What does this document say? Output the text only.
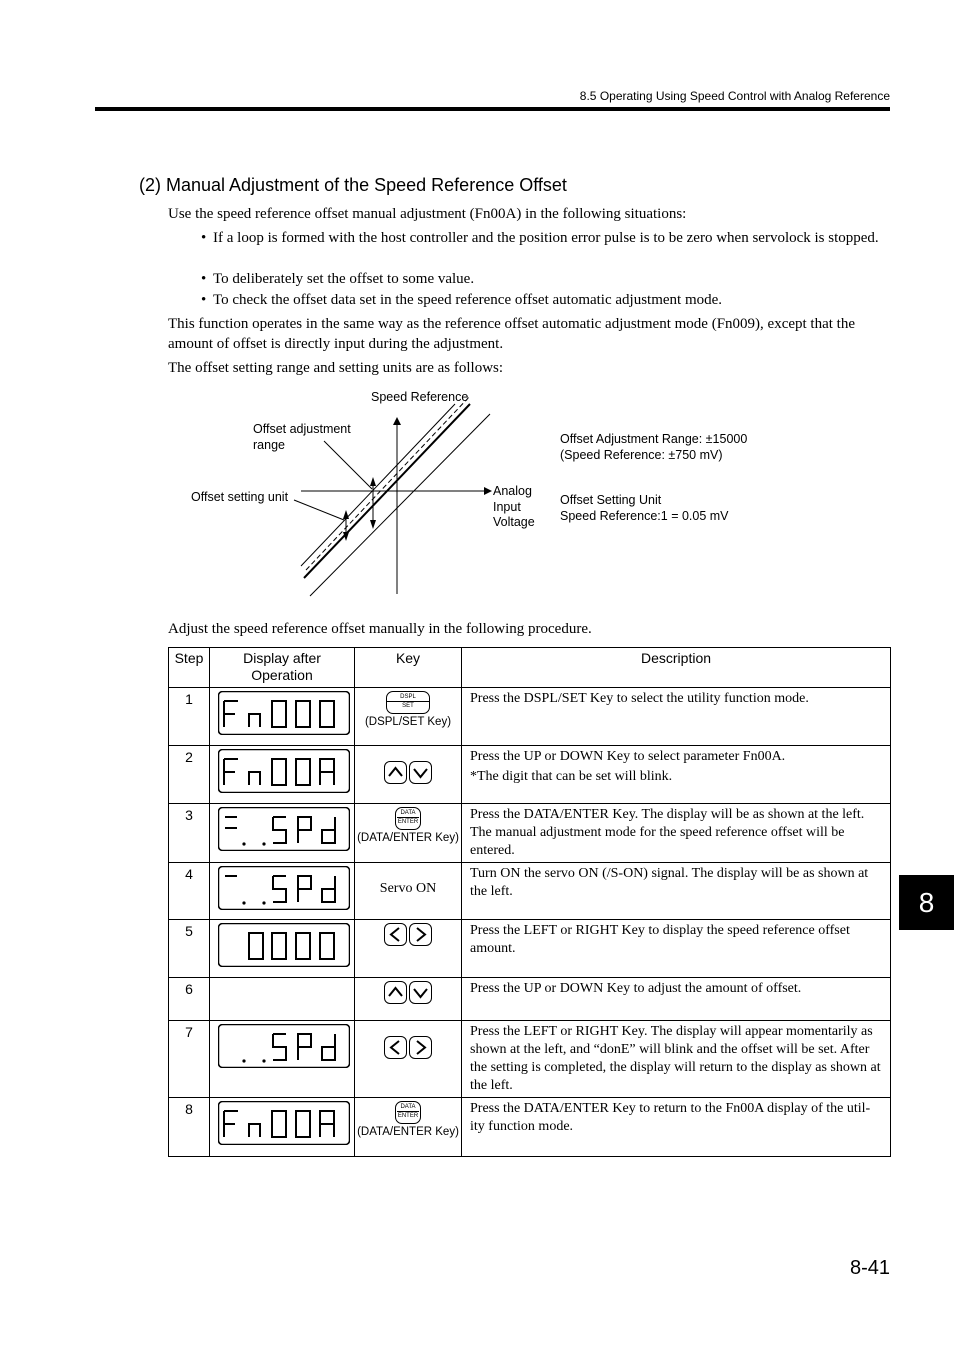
8.5 Operating Using Speed Control with Analog Reference
(2) Manual Adjustment of the Speed Reference Offset
Use the speed reference offset manual adjustment (Fn00A) in the following situations:
• If a loop is formed with the host controller and the position error pulse is to be zero when servolock is stopped.
• To deliberately set the offset to some value.
• To check the offset data set in the speed reference offset automatic adjustment mode.
This function operates in the same way as the reference offset automatic adjustment mode (Fn009), except that the amount of offset is directly input during the adjustment.
The offset setting range and setting units are as follows:
Speed Reference
Offset adjustment
range
Offset setting unit	Analog
Input
Voltage
Offset Adjustment Range: ±15000
(Speed Reference: ±750 mV)
Offset Setting Unit
Speed Reference:1 = 0.05 mV
Adjust the speed reference offset manually in the following procedure.
Step	Display after
Operation	Key	Description
1		DSPL
SET
(DSPL/SET Key)	Press the DSPL/SET Key to select the utility function mode.

2			Press the UP or DOWN Key to select parameter Fn00A.

*The digit that can be set will blink.

3		DATA
ENTER
(DATA/ENTER Key)	Press the DATA/ENTER Key. The display will be as shown at the left. The manual adjustment mode for the speed reference offset will be entered.

4		Servo ON	Turn ON the servo ON (/S-ON) signal. The display will be as shown at the left.

5			Press the LEFT or RIGHT Key to display the speed reference offset amount.

6			Press the UP or DOWN Key to adjust the amount of offset.

7			Press the LEFT or RIGHT Key. The display will appear momentarily as shown at the left, and “donE” will blink and the offset will be set. After the setting is completed, the display will return to the display as shown at the left.

8		DATA
ENTER
(DATA/ENTER Key)	Press the DATA/ENTER Key to return to the Fn00A display of the util-ity function mode.

8
8-41
